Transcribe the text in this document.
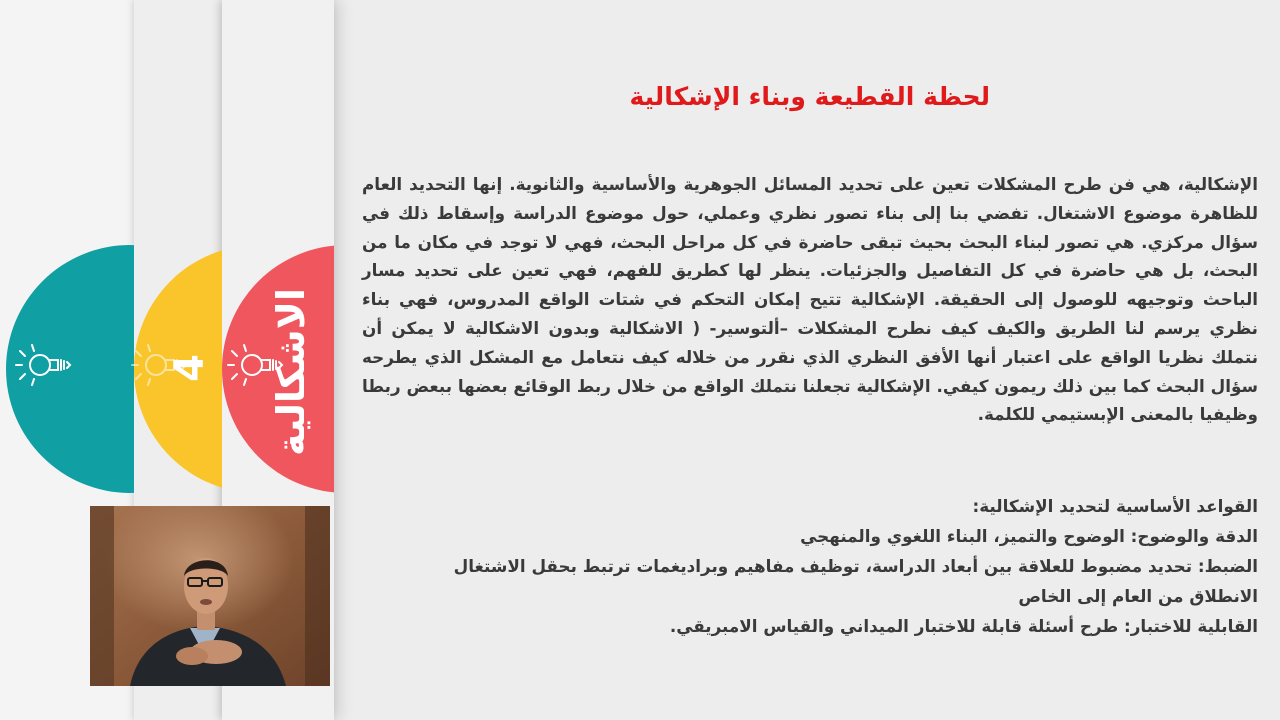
4 الاشكالية
لحظة القطيعة وبناء الإشكالية
الإشكالية، هي فن طرح المشكلات تعين على تحديد المسائل الجوهرية والأساسية والثانوية. إنها التحديد العام للظاهرة موضوع الاشتغال. تفضي بنا إلى بناء تصور نظري وعملي، حول موضوع الدراسة وإسقاط ذلك في سؤال مركزي. هي تصور لبناء البحث بحيث تبقى حاضرة في كل مراحل البحث، فهي لا توجد في مكان ما من البحث، بل هي حاضرة في كل التفاصيل والجزئيات. ينظر لها كطريق للفهم، فهي تعين على تحديد مسار الباحث وتوجيهه للوصول إلى الحقيقة. الإشكالية تتيح إمكان التحكم في شتات الواقع المدروس، فهي بناء نظري يرسم لنا الطريق والكيف كيف نطرح المشكلات –ألتوسير- ( الاشكالية وبدون الاشكالية لا يمكن أن نتملك نظريا الواقع على اعتبار أنها الأفق النظري الذي نقرر من خلاله كيف نتعامل مع المشكل الذي يطرحه سؤال البحث كما بين ذلك ريمون كيفي. الإشكالية تجعلنا نتملك الواقع من خلال ربط الوقائع بعضها ببعض ربطا وظيفيا بالمعنى الإبستيمي للكلمة.
القواعد الأساسية لتحديد الإشكالية:
الدقة والوضوح: الوضوح والتميز، البناء اللغوي والمنهجي
الضبط: تحديد مضبوط للعلاقة بين أبعاد الدراسة، توظيف مفاهيم وبراديغمات ترتبط بحقل الاشتغال
الانطلاق من العام إلى الخاص
القابلية للاختبار: طرح أسئلة قابلة للاختبار الميداني والقياس الامبريقي.
